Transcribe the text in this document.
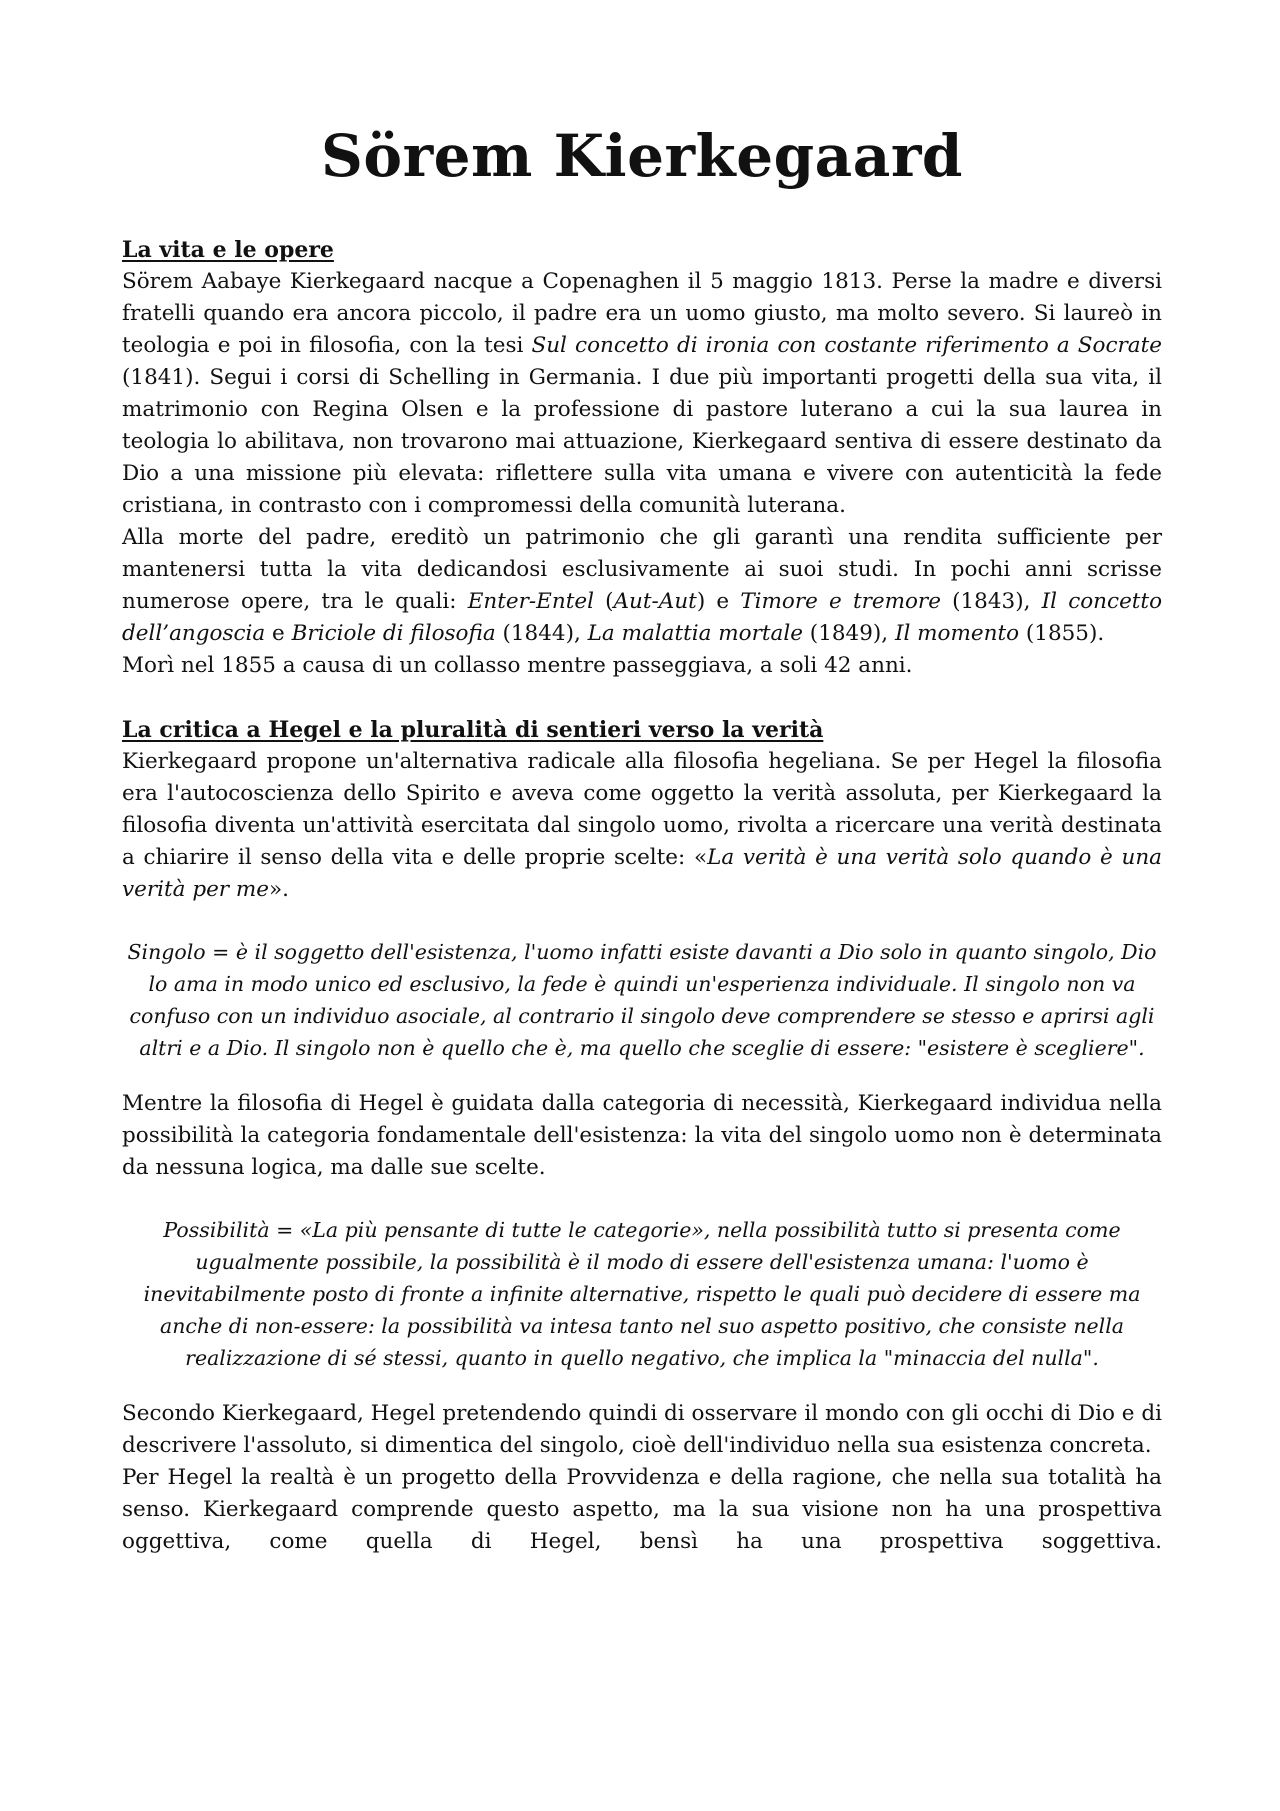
Sörem Kierkegaard
La vita e le opere

Sörem Aabaye Kierkegaard nacque a Copenaghen il 5 maggio 1813. Perse la madre e diversi fratelli quando era ancora piccolo, il padre era un uomo giusto, ma molto severo. Si laureò in teologia e poi in filosofia, con la tesi Sul concetto di ironia con costante riferimento a Socrate (1841). Segui i corsi di Schelling in Germania. I due più importanti progetti della sua vita, il matrimonio con Regina Olsen e la professione di pastore luterano a cui la sua laurea in teologia lo abilitava, non trovarono mai attuazione, Kierkegaard sentiva di essere destinato da Dio a una missione più elevata: riflettere sulla vita umana e vivere con autenticità la fede cristiana, in contrasto con i compromessi della comunità luterana.

Alla morte del padre, ereditò un patrimonio che gli garantì una rendita sufficiente per mantenersi tutta la vita dedicandosi esclusivamente ai suoi studi. In pochi anni scrisse numerose opere, tra le quali: Enter-Entel (Aut-Aut) e Timore e tremore (1843), Il concetto dell’angoscia e Briciole di filosofia (1844), La malattia mortale (1849), Il momento (1855).

Morì nel 1855 a causa di un collasso mentre passeggiava, a soli 42 anni.

La critica a Hegel e la pluralità di sentieri verso la verità

Kierkegaard propone un'alternativa radicale alla filosofia hegeliana. Se per Hegel la filosofia era l'autocoscienza dello Spirito e aveva come oggetto la verità assoluta, per Kierkegaard la filosofia diventa un'attività esercitata dal singolo uomo, rivolta a ricercare una verità destinata a chiarire il senso della vita e delle proprie scelte: «La verità è una verità solo quando è una verità per me».

Singolo = è il soggetto dell'esistenza, l'uomo infatti esiste davanti a Dio solo in quanto singolo, Dio lo ama in modo unico ed esclusivo, la fede è quindi un'esperienza individuale. Il singolo non va confuso con un individuo asociale, al contrario il singolo deve comprendere se stesso e aprirsi agli altri e a Dio. Il singolo non è quello che è, ma quello che sceglie di essere: "esistere è scegliere".

Mentre la filosofia di Hegel è guidata dalla categoria di necessità, Kierkegaard individua nella possibilità la categoria fondamentale dell'esistenza: la vita del singolo uomo non è determinata da nessuna logica, ma dalle sue scelte.

Possibilità = «La più pensante di tutte le categorie», nella possibilità tutto si presenta come ugualmente possibile, la possibilità è il modo di essere dell'esistenza umana: l'uomo è inevitabilmente posto di fronte a infinite alternative, rispetto le quali può decidere di essere ma anche di non-essere: la possibilità va intesa tanto nel suo aspetto positivo, che consiste nella realizzazione di sé stessi, quanto in quello negativo, che implica la "minaccia del nulla".

Secondo Kierkegaard, Hegel pretendendo quindi di osservare il mondo con gli occhi di Dio e di descrivere l'assoluto, si dimentica del singolo, cioè dell'individuo nella sua esistenza concreta.

Per Hegel la realtà è un progetto della Provvidenza e della ragione, che nella sua totalità ha senso. Kierkegaard comprende questo aspetto, ma la sua visione non ha una prospettiva oggettiva, come quella di Hegel, bensì ha una prospettiva soggettiva.
